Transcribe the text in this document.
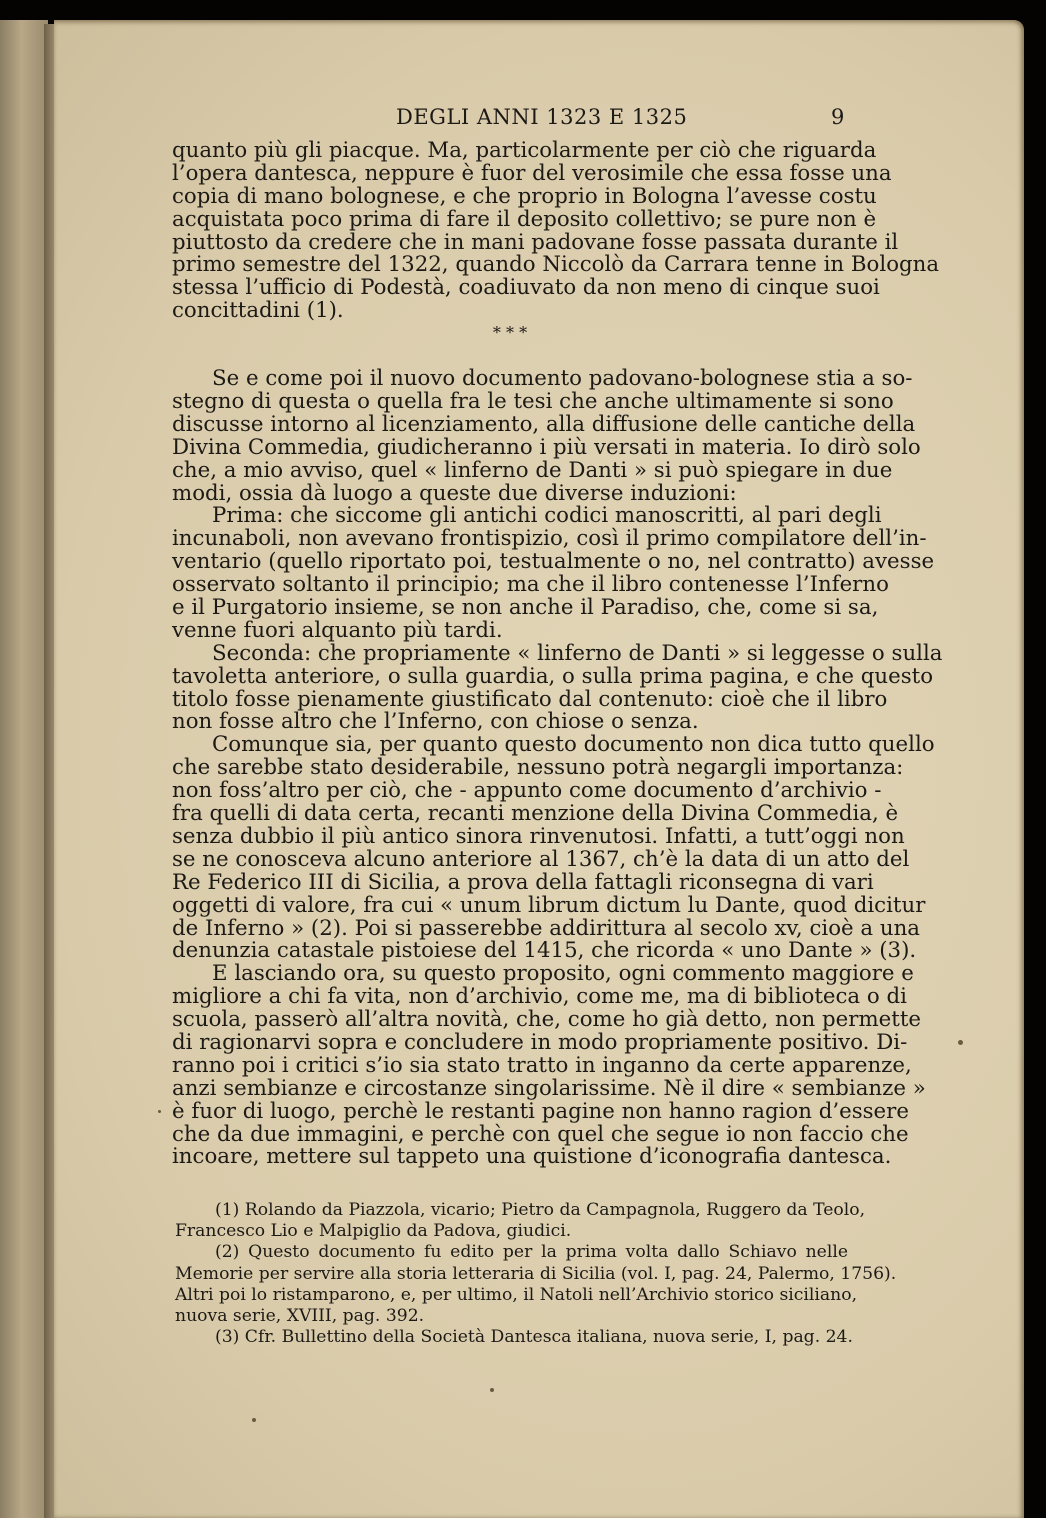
DEGLI ANNI 1323 E 1325	9
quanto più gli piacque. Ma, particolarmente per ciò che riguarda
l’opera dantesca, neppure è fuor del verosimile che essa fosse una
copia di mano bolognese, e che proprio in Bologna l’avesse costu
acquistata poco prima di fare il deposito collettivo; se pure non è
piuttosto da credere che in mani padovane fosse passata durante il
primo semestre del 1322, quando Niccolò da Carrara tenne in Bologna
stessa l’ufficio di Podestà, coadiuvato da non meno di cinque suoi
concittadini (1).
* * *
Se e come poi il nuovo documento padovano-bolognese stia a so-
stegno di questa o quella fra le tesi che anche ultimamente si sono
discusse intorno al licenziamento, alla diffusione delle cantiche della
Divina Commedia, giudicheranno i più versati in materia. Io dirò solo
che, a mio avviso, quel « linferno de Danti » si può spiegare in due
modi, ossia dà luogo a queste due diverse induzioni:
Prima: che siccome gli antichi codici manoscritti, al pari degli
incunaboli, non avevano frontispizio, così il primo compilatore dell’in-
ventario (quello riportato poi, testualmente o no, nel contratto) avesse
osservato soltanto il principio; ma che il libro contenesse l’Inferno
e il Purgatorio insieme, se non anche il Paradiso, che, come si sa,
venne fuori alquanto più tardi.
Seconda: che propriamente « linferno de Danti » si leggesse o sulla
tavoletta anteriore, o sulla guardia, o sulla prima pagina, e che questo
titolo fosse pienamente giustificato dal contenuto: cioè che il libro
non fosse altro che l’Inferno, con chiose o senza.
Comunque sia, per quanto questo documento non dica tutto quello
che sarebbe stato desiderabile, nessuno potrà negargli importanza:
non foss’altro per ciò, che - appunto come documento d’archivio -
fra quelli di data certa, recanti menzione della Divina Commedia, è
senza dubbio il più antico sinora rinvenutosi. Infatti, a tutt’oggi non
se ne conosceva alcuno anteriore al 1367, ch’è la data di un atto del
Re Federico III di Sicilia, a prova della fattagli riconsegna di vari
oggetti di valore, fra cui « unum librum dictum lu Dante, quod dicitur
de Inferno » (2). Poi si passerebbe addirittura al secolo xv, cioè a una
denunzia catastale pistoiese del 1415, che ricorda « uno Dante » (3).
E lasciando ora, su questo proposito, ogni commento maggiore e
migliore a chi fa vita, non d’archivio, come me, ma di biblioteca o di
scuola, passerò all’altra novità, che, come ho già detto, non permette
di ragionarvi sopra e concludere in modo propriamente positivo. Di-
ranno poi i critici s’io sia stato tratto in inganno da certe apparenze,
anzi sembianze e circostanze singolarissime. Nè il dire « sembianze »
è fuor di luogo, perchè le restanti pagine non hanno ragion d’essere
che da due immagini, e perchè con quel che segue io non faccio che
incoare, mettere sul tappeto una quistione d’iconografia dantesca.
(1) Rolando da Piazzola, vicario; Pietro da Campagnola, Ruggero da Teolo,
Francesco Lio e Malpiglio da Padova, giudici.
(2) Questo documento fu edito per la prima volta dallo Schiavo nelle
Memorie per servire alla storia letteraria di Sicilia (vol. I, pag. 24, Palermo, 1756).
Altri poi lo ristamparono, e, per ultimo, il Natoli nell’Archivio storico siciliano,
nuova serie, XVIII, pag. 392.
(3) Cfr. Bullettino della Società Dantesca italiana, nuova serie, I, pag. 24.
